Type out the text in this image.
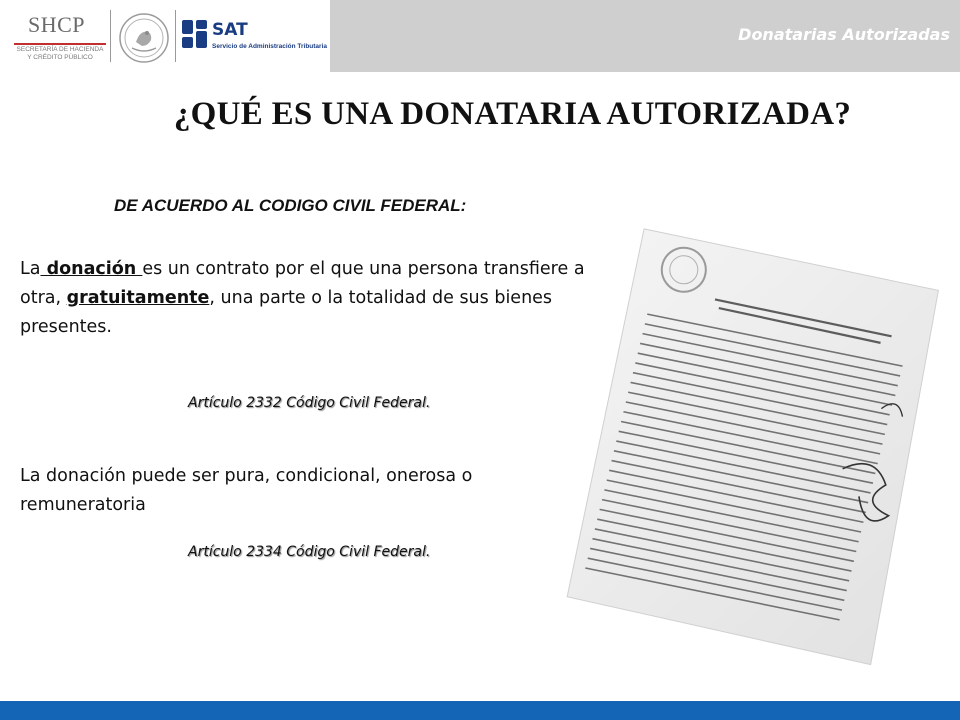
SHCP
SECRETARÍA DE HACIENDA
Y CRÉDITO PÚBLICO
SAT
Servicio de Administración Tributaria
Donatarias Autorizadas
¿QUÉ ES UNA DONATARIA AUTORIZADA?
DE ACUERDO AL CODIGO CIVIL FEDERAL:
La donación es un contrato por el que una persona transfiere a otra, gratuitamente, una parte o la totalidad de sus bienes presentes.
Artículo 2332 Código Civil Federal.
La donación puede ser pura, condicional, onerosa o remuneratoria
Artículo 2334 Código Civil Federal.
